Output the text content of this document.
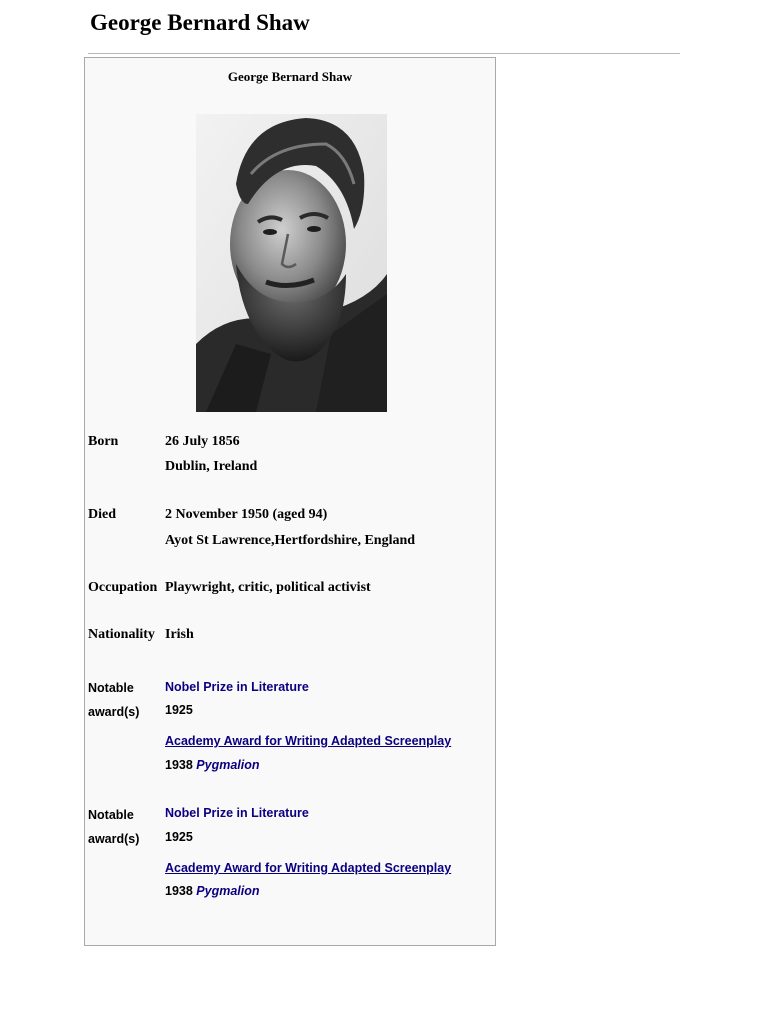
George Bernard Shaw
George Bernard Shaw
Born	26 July 1856
Dublin, Ireland
Died	2 November 1950 (aged 94)
Ayot St Lawrence,Hertfordshire, England
Occupation Playwright, critic, political activist
Nationality Irish
Notable
award(s)
Nobel Prize in Literature
1925
Academy Award for Writing Adapted Screenplay
1938 Pygmalion
Notable
award(s)
Nobel Prize in Literature
1925
Academy Award for Writing Adapted Screenplay
1938 Pygmalion
